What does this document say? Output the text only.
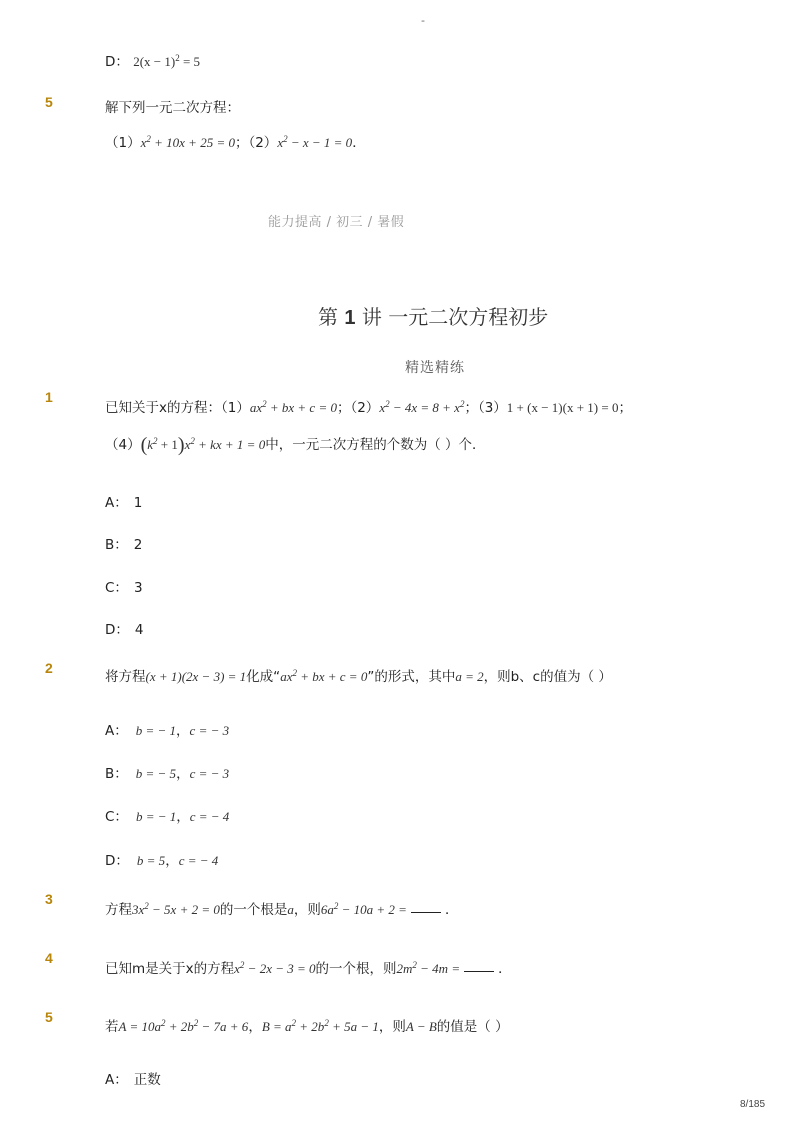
-
D： $2(x - 1)^2 = 5$
5	解下列一元二次方程：
$(1)x^2 + 10x + 25 = 0$；$(2)x^2 - x - 1 = 0$．
能力提高 / 初三 / 暑假
第 1 讲 一元二次方程初步
精选精练
1
已知关于x的方程：$(1)ax^2$ + bx + c = 0；$(2)x^2 - 4x = 8 + x^2$；（3）1 + (x − 1)(x + 1) = 0；
$(4)(k^2 + 1)x^2$ + kx + 1 = 0中，一元二次方程的个数为（ ）个．
A： 1
B： 2
C： 3
D： 4
2
将方程(x + 1)(2x − 3) = 1化成“$ax^2$ + bx + c = 0”的形式，其中a = 2，则b、c的值为（ ）
A： b = − 1，c = − 3
B： b = − 5，c = − 3
C： b = − 1，c = − 4
D： b = 5，c = − 4
3
方程$3x^2 - 5x + 2 = 0$的一个根是a，则$6a^2 - 10a + 2$ =	．
4
已知m是关于x的方程$x^2 - 2x - 3 = 0$的一个根，则$2m^2 - 4m$ =	．
5
若$A = 10a^2 + 2b^2 - 7a + 6$，$B = a^2 + 2b^2 + 5a - 1$，则A − B的值是（ ）
A： 正数
8/185
